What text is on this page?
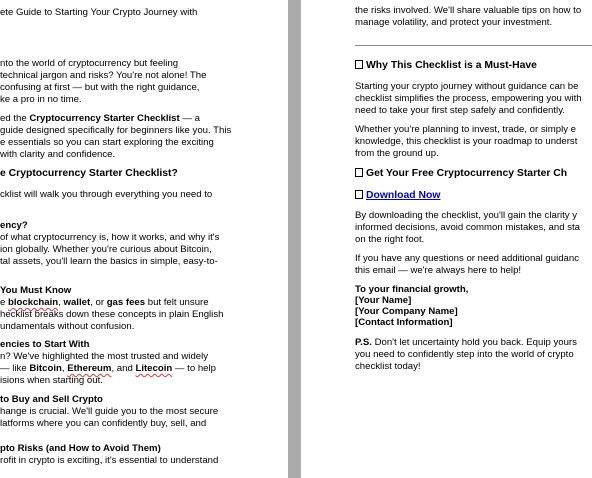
ete Guide to Starting Your Crypto Journey with
nto the world of cryptocurrency but feeling
technical jargon and risks? You're not alone! The
confusing at first — but with the right guidance,
ke a pro in no time.
ed the Cryptocurrency Starter Checklist — a
guide designed specifically for beginners like you. This
e essentials so you can start exploring the exciting
with clarity and confidence.
e Cryptocurrency Starter Checklist?
cklist will walk you through everything you need to
ency?
of what cryptocurrency is, how it works, and why it's
ion globally. Whether you're curious about Bitcoin,
tal assets, you'll learn the basics in simple, easy-to-
You Must Know
e blockchain, wallet, or gas fees but felt unsure
hecklist breaks down these concepts in plain English
undamentals without confusion.
encies to Start With
n? We've highlighted the most trusted and widely
— like Bitcoin, Ethereum, and Litecoin — to help
isions when starting out.
to Buy and Sell Crypto
hange is crucial. We'll guide you to the most secure
latforms where you can confidently buy, sell, and
pto Risks (and How to Avoid Them)
rofit in crypto is exciting, it's essential to understand
the risks involved. We'll share valuable tips on how to
manage volatility, and protect your investment.
Why This Checklist is a Must-Have
Starting your crypto journey without guidance can be
checklist simplifies the process, empowering you with
need to take your first step safely and confidently.
Whether you're planning to invest, trade, or simply e
knowledge, this checklist is your roadmap to underst
from the ground up.
Get Your Free Cryptocurrency Starter Ch
Download Now
By downloading the checklist, you'll gain the clarity y
informed decisions, avoid common mistakes, and sta
on the right foot.
If you have any questions or need additional guidanc
this email — we're always here to help!
To your financial growth,
[Your Name]
[Your Company Name]
[Contact Information]
P.S. Don't let uncertainty hold you back. Equip yours
you need to confidently step into the world of crypto
checklist today!
